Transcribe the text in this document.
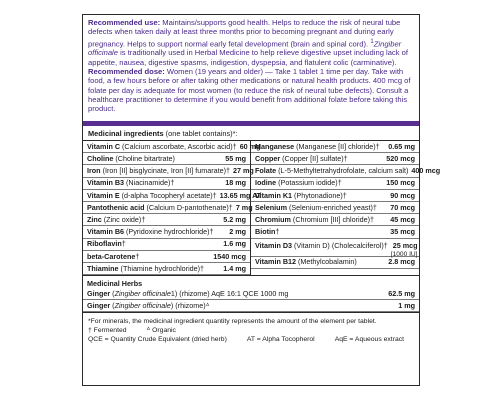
Recommended use: Maintains/supports good health. Helps to reduce the risk of neural tube defects when taken daily at least three months prior to becoming pregnant and during early pregnancy. Helps to support normal early fetal development (brain and spinal cord). $^1$Zingiber officinale is traditionally used in Herbal Medicine to help relieve digestive upset including lack of appetite, nausea, digestive spasms, indigestion, dyspepsia, and flatulent colic (carminative).

Recommended dose: Women (19 years and older) — Take 1 tablet 1 time per day. Take with food, a few hours before or after taking other medications or natural health products. 400 mcg of folate per day is adequate for most women (to reduce the risk of neural tube defects). Consult a healthcare practitioner to determine if you would benefit from additional folate before taking this product.

Medicinal ingredients (one tablet contains)*:
Vitamin C (Calcium ascorbate, Ascorbic acid)† 60 mg
Choline (Choline bitartrate)	55 mg
Iron (Iron [II] bisglycinate, Iron [II] fumarate)† 27 mg
Vitamin B3 (Niacinamide)†	18 mg
Vitamin E (d-alpha Tocopheryl acetate)† 13.65 mg AT
Pantothenic acid (Calcium D-pantothenate)† 7 mg
Zinc (Zinc oxide)†	5.2 mg
Vitamin B6 (Pyridoxine hydrochloride)†	2 mg
Riboflavin†	1.6 mg
beta-Carotene†	1540 mcg
Thiamine (Thiamine hydrochloride)†	1.4 mg
Manganese (Manganese [II] chloride)†	0.65 mg
Copper (Copper [II] sulfate)†	520 mcg
Folate (L-5-Methyltetrahydrofolate, calcium salt) 400 mcg
Iodine (Potassium iodide)†	150 mcg
Vitamin K1 (Phytonadione)†	90 mcg
Selenium (Selenium-enriched yeast)†	70 mcg
Chromium (Chromium [III] chloride)†	45 mcg
Biotin†	35 mcg
Vitamin D3 (Vitamin D) (Cholecalciferol)† 25 mcg
[1000 IU]
Vitamin B12 (Methylcobalamin)	2.8 mcg
Medicinal Herbs
Ginger (Zingiber officinale1) (rhizome) AqE 16:1 QCE 1000 mg	62.5 mg
Ginger (Zingiber officinale) (rhizome)ᐞ	1 mg
*For minerals, the medicinal ingredient quantity represents the amount of the element per tablet.
† Fermented	ᐞ Organic
QCE = Quantity Crude Equivalent (dried herb)	AT = Alpha Tocopherol	AqE = Aqueous extract
